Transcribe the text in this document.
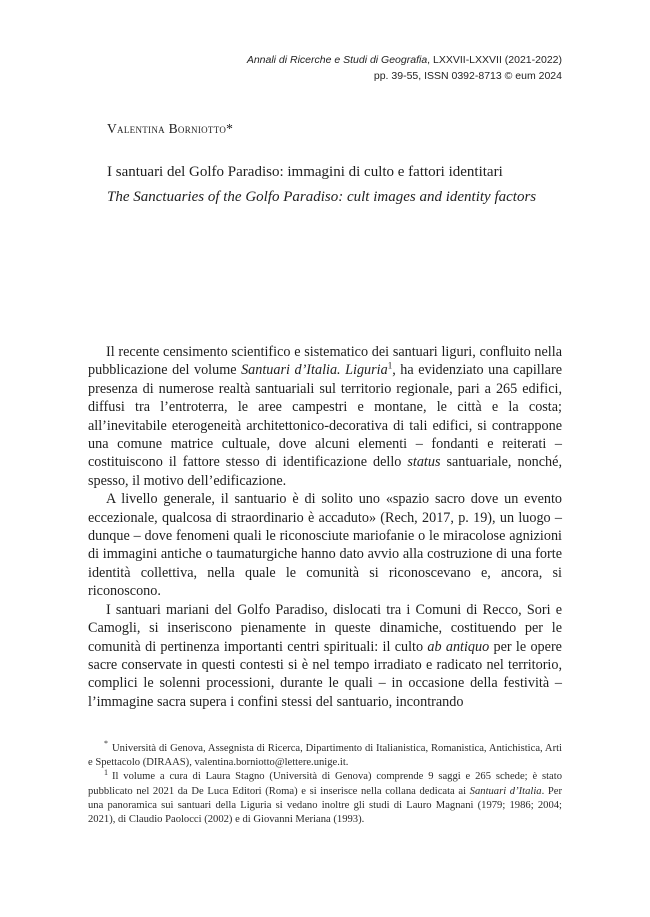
Annali di Ricerche e Studi di Geografia, LXXVII-LXXVII (2021-2022)
pp. 39-55, ISSN 0392-8713 © eum 2024
Valentina Borniotto*
I santuari del Golfo Paradiso: immagini di culto e fattori identitari
The Sanctuaries of the Golfo Paradiso: cult images and identity factors

Il recente censimento scientifico e sistematico dei santuari liguri, confluito nella pubblicazione del volume Santuari d’Italia. Liguria$^1$, ha evidenziato una capillare presenza di numerose realtà santuariali sul territorio regionale, pari a 265 edifici, diffusi tra l’entroterra, le aree campestri e montane, le città e la costa; all’inevitabile eterogeneità architettonico-decorativa di tali edifici, si contrappone una comune matrice cultuale, dove alcuni elementi – fondanti e reiterati – costituiscono il fattore stesso di identificazione dello status santuariale, nonché, spesso, il motivo dell’edificazione.

A livello generale, il santuario è di solito uno «spazio sacro dove un evento eccezionale, qualcosa di straordinario è accaduto» (Rech, 2017, p. 19), un luogo – dunque – dove fenomeni quali le riconosciute mariofanie o le miracolose agnizioni di immagini antiche o taumaturgiche hanno dato avvio alla costruzione di una forte identità collettiva, nella quale le comunità si riconoscevano e, ancora, si riconoscono.

I santuari mariani del Golfo Paradiso, dislocati tra i Comuni di Recco, Sori e Camogli, si inseriscono pienamente in queste dinamiche, costituendo per le comunità di pertinenza importanti centri spirituali: il culto ab antiquo per le opere sacre conservate in questi contesti si è nel tempo irradiato e radicato nel territorio, complici le solenni processioni, durante le quali – in occasione della festività – l’immagine sacra supera i confini stessi del santuario, incontrando

* Università di Genova, Assegnista di Ricerca, Dipartimento di Italianistica, Romanistica, Antichistica, Arti e Spettacolo (DIRAAS), valentina.borniotto@lettere.unige.it.

$^1$ Il volume a cura di Laura Stagno (Università di Genova) comprende 9 saggi e 265 schede; è stato pubblicato nel 2021 da De Luca Editori (Roma) e si inserisce nella collana dedicata ai Santuari d’Italia. Per una panoramica sui santuari della Liguria si vedano inoltre gli studi di Lauro Magnani (1979; 1986; 2004; 2021), di Claudio Paolocci (2002) e di Giovanni Meriana (1993).
